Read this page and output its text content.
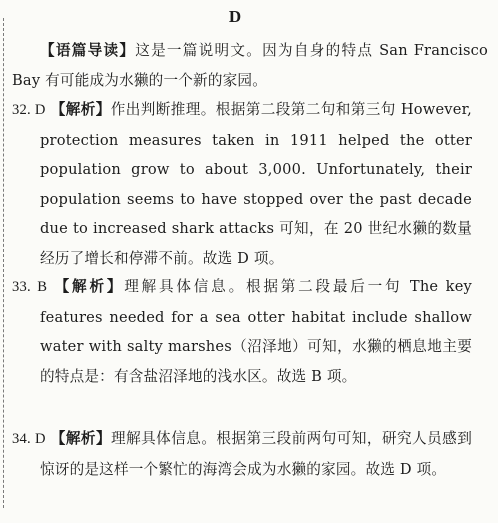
D
【语篇导读】这是一篇说明文。因为自身的特点 San Francisco Bay 有可能成为水獭的一个新的家园。
32. D 【解析】作出判断推理。根据第二段第二句和第三句 However, protection measures taken in 1911 helped the otter population grow to about 3,000. Unfortunately, their population seems to have stopped over the past decade due to increased shark attacks 可知，在 20 世纪水獭的数量经历了增长和停滞不前。故选 D 项。
33. B 【解析】理解具体信息。根据第二段最后一句 The key features needed for a sea otter habitat include shallow water with salty marshes（沼泽地）可知，水獭的栖息地主要的特点是：有含盐沼泽地的浅水区。故选 B 项。
34. D 【解析】理解具体信息。根据第三段前两句可知，研究人员感到惊讶的是这样一个繁忙的海湾会成为水獭的家园。故选 D 项。
